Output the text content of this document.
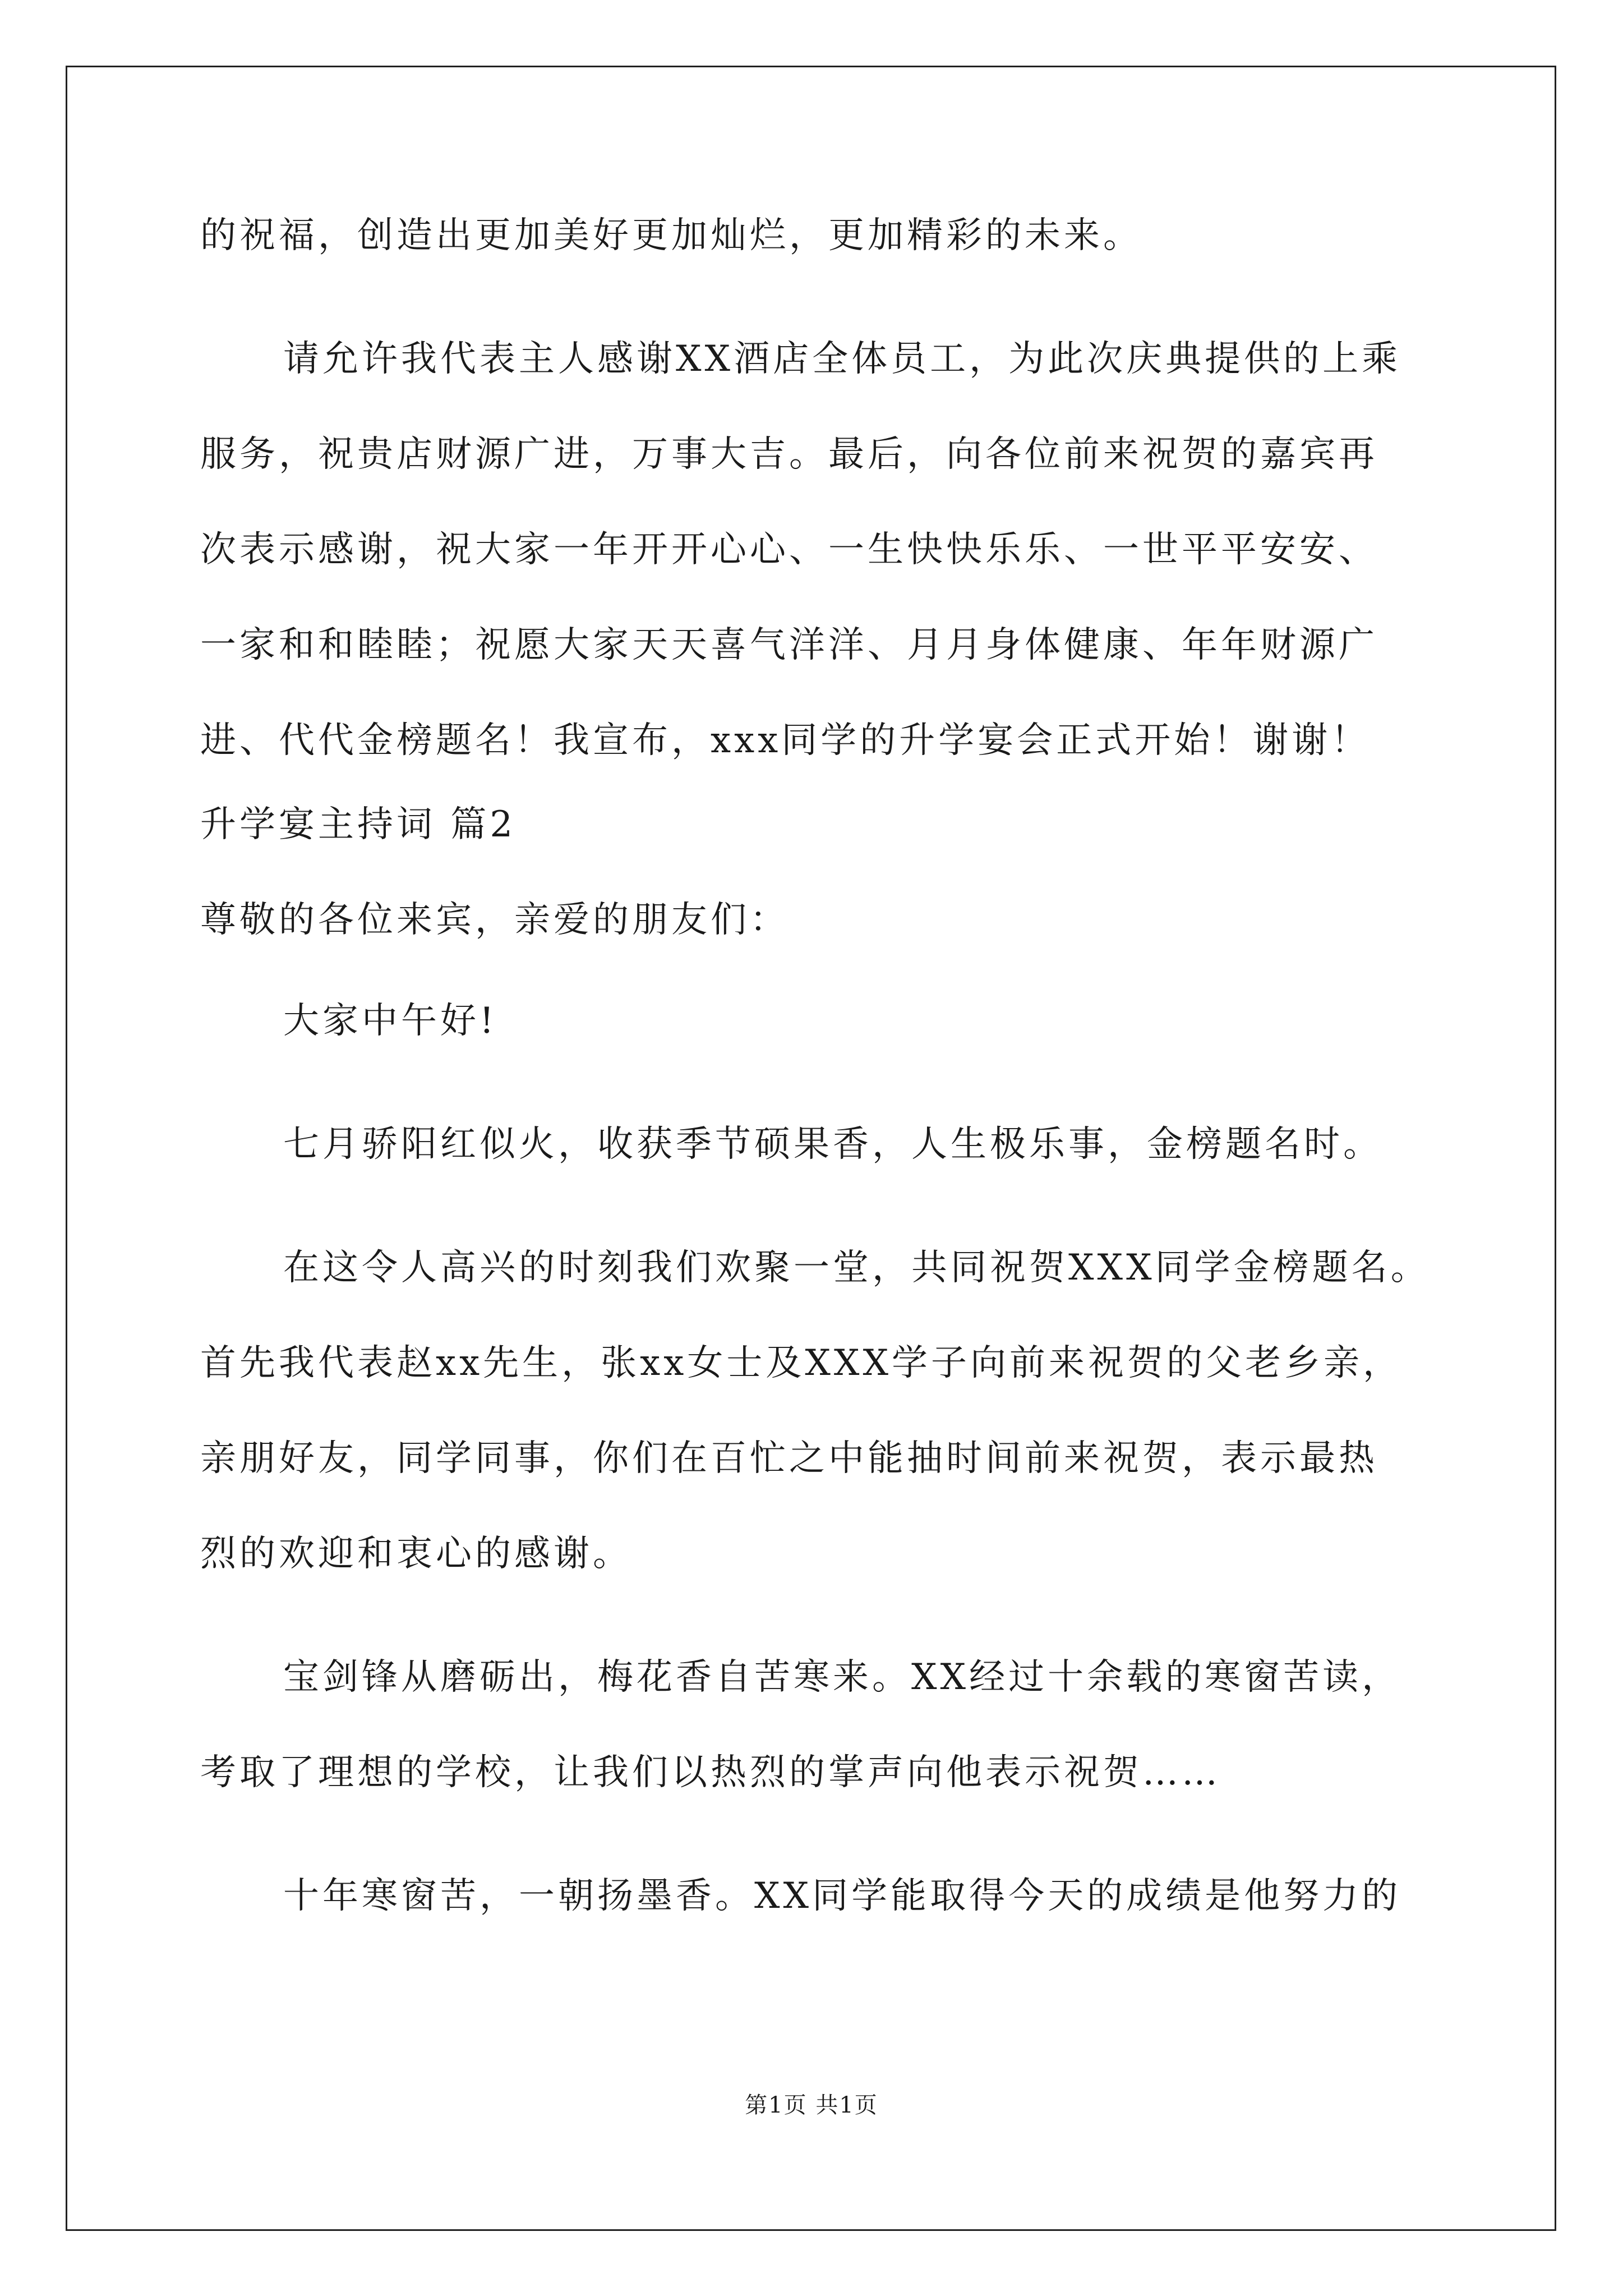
的祝福，创造出更加美好更加灿烂，更加精彩的未来。
请允许我代表主人感谢XX酒店全体员工，为此次庆典提供的上乘
服务，祝贵店财源广进，万事大吉。最后，向各位前来祝贺的嘉宾再
次表示感谢，祝大家一年开开心心、一生快快乐乐、一世平平安安、
一家和和睦睦；祝愿大家天天喜气洋洋、月月身体健康、年年财源广
进、代代金榜题名！我宣布，xxx同学的升学宴会正式开始！谢谢！
升学宴主持词 篇2
尊敬的各位来宾，亲爱的朋友们：
大家中午好!
七月骄阳红似火，收获季节硕果香，人生极乐事，金榜题名时。
在这令人高兴的时刻我们欢聚一堂，共同祝贺XXX同学金榜题名。
首先我代表赵xx先生，张xx女士及XXX学子向前来祝贺的父老乡亲，
亲朋好友，同学同事，你们在百忙之中能抽时间前来祝贺，表示最热
烈的欢迎和衷心的感谢。
宝剑锋从磨砺出，梅花香自苦寒来。XX经过十余载的寒窗苦读，
考取了理想的学校，让我们以热烈的掌声向他表示祝贺……
十年寒窗苦，一朝扬墨香。XX同学能取得今天的成绩是他努力的
第1页 共1页
